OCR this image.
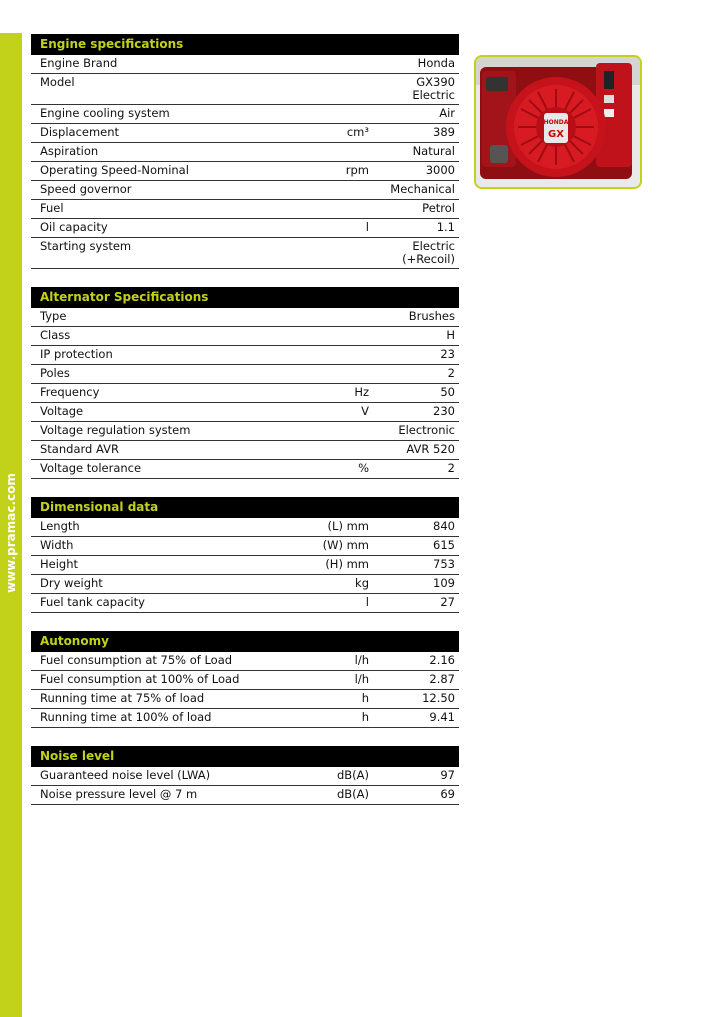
www.pramac.com
HONDA
GX
Engine specifications
Engine Brand	Honda
Model	GX390
Electric
Engine cooling system	Air
Displacement	cm³	389
Aspiration	Natural
Operating Speed-Nominal	rpm	3000
Speed governor	Mechanical
Fuel	Petrol
Oil capacity	l	1.1
Starting system	Electric
(+Recoil)
Alternator Specifications
Type	Brushes
Class	H
IP protection	23
Poles	2
Frequency	Hz	50
Voltage	V	230
Voltage regulation system	Electronic
Standard AVR	AVR 520
Voltage tolerance	%	2
Dimensional data
Length	(L) mm	840
Width	(W) mm	615
Height	(H) mm	753
Dry weight	kg	109
Fuel tank capacity	l	27
Autonomy
Fuel consumption at 75% of Load	l/h	2.16
Fuel consumption at 100% of Load	l/h	2.87
Running time at 75% of load	h	12.50
Running time at 100% of load	h	9.41
Noise level
Guaranteed noise level (LWA)	dB(A)	97
Noise pressure level @ 7 m	dB(A)	69
